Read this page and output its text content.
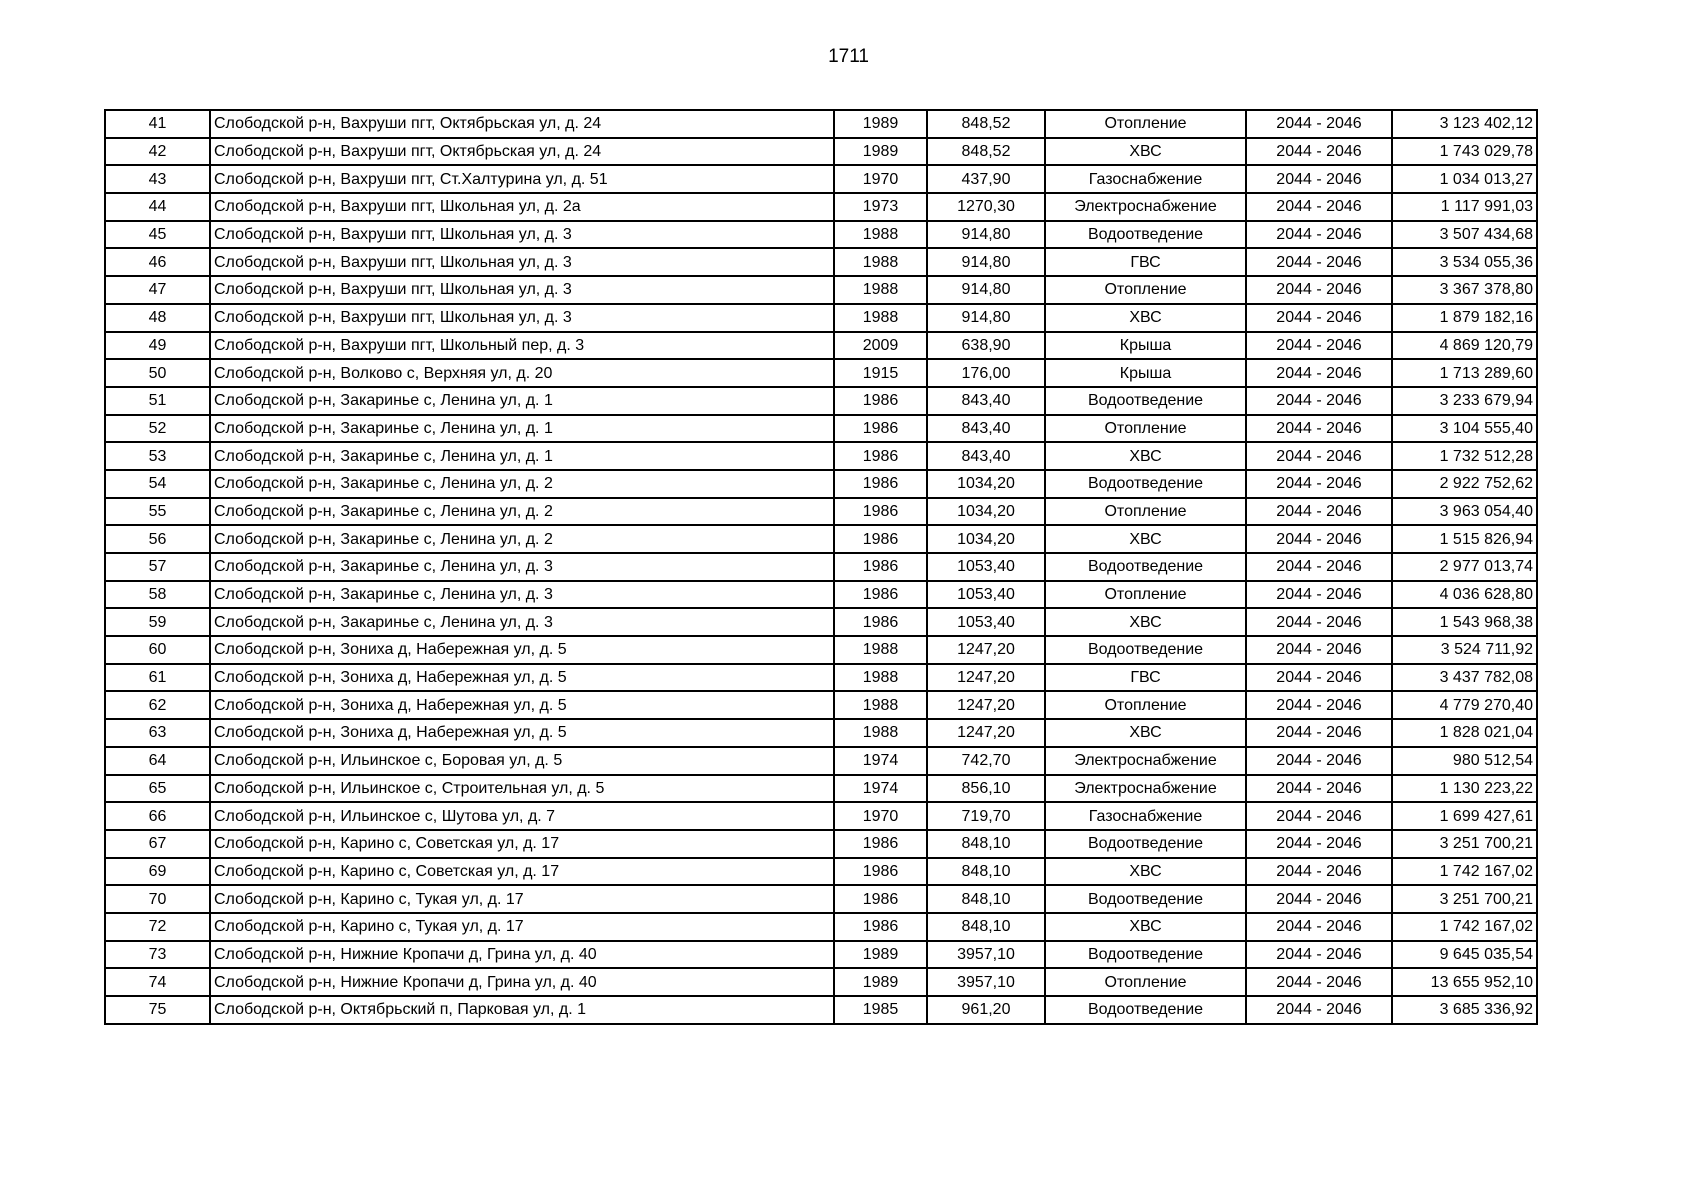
1711
41	Слободской р-н, Вахруши пгт, Октябрьская ул, д. 24	1989	848,52	Отопление	2044 - 2046	3 123 402,12
42	Слободской р-н, Вахруши пгт, Октябрьская ул, д. 24	1989	848,52	ХВС	2044 - 2046	1 743 029,78
43	Слободской р-н, Вахруши пгт, Ст.Халтурина ул, д. 51	1970	437,90	Газоснабжение	2044 - 2046	1 034 013,27
44	Слободской р-н, Вахруши пгт, Школьная ул, д. 2а	1973	1270,30	Электроснабжение	2044 - 2046	1 117 991,03
45	Слободской р-н, Вахруши пгт, Школьная ул, д. 3	1988	914,80	Водоотведение	2044 - 2046	3 507 434,68
46	Слободской р-н, Вахруши пгт, Школьная ул, д. 3	1988	914,80	ГВС	2044 - 2046	3 534 055,36
47	Слободской р-н, Вахруши пгт, Школьная ул, д. 3	1988	914,80	Отопление	2044 - 2046	3 367 378,80
48	Слободской р-н, Вахруши пгт, Школьная ул, д. 3	1988	914,80	ХВС	2044 - 2046	1 879 182,16
49	Слободской р-н, Вахруши пгт, Школьный пер, д. 3	2009	638,90	Крыша	2044 - 2046	4 869 120,79
50	Слободской р-н, Волково с, Верхняя ул, д. 20	1915	176,00	Крыша	2044 - 2046	1 713 289,60
51	Слободской р-н, Закаринье с, Ленина ул, д. 1	1986	843,40	Водоотведение	2044 - 2046	3 233 679,94
52	Слободской р-н, Закаринье с, Ленина ул, д. 1	1986	843,40	Отопление	2044 - 2046	3 104 555,40
53	Слободской р-н, Закаринье с, Ленина ул, д. 1	1986	843,40	ХВС	2044 - 2046	1 732 512,28
54	Слободской р-н, Закаринье с, Ленина ул, д. 2	1986	1034,20	Водоотведение	2044 - 2046	2 922 752,62
55	Слободской р-н, Закаринье с, Ленина ул, д. 2	1986	1034,20	Отопление	2044 - 2046	3 963 054,40
56	Слободской р-н, Закаринье с, Ленина ул, д. 2	1986	1034,20	ХВС	2044 - 2046	1 515 826,94
57	Слободской р-н, Закаринье с, Ленина ул, д. 3	1986	1053,40	Водоотведение	2044 - 2046	2 977 013,74
58	Слободской р-н, Закаринье с, Ленина ул, д. 3	1986	1053,40	Отопление	2044 - 2046	4 036 628,80
59	Слободской р-н, Закаринье с, Ленина ул, д. 3	1986	1053,40	ХВС	2044 - 2046	1 543 968,38
60	Слободской р-н, Зониха д, Набережная ул, д. 5	1988	1247,20	Водоотведение	2044 - 2046	3 524 711,92
61	Слободской р-н, Зониха д, Набережная ул, д. 5	1988	1247,20	ГВС	2044 - 2046	3 437 782,08
62	Слободской р-н, Зониха д, Набережная ул, д. 5	1988	1247,20	Отопление	2044 - 2046	4 779 270,40
63	Слободской р-н, Зониха д, Набережная ул, д. 5	1988	1247,20	ХВС	2044 - 2046	1 828 021,04
64	Слободской р-н, Ильинское с, Боровая ул, д. 5	1974	742,70	Электроснабжение	2044 - 2046	980 512,54
65	Слободской р-н, Ильинское с, Строительная ул, д. 5	1974	856,10	Электроснабжение	2044 - 2046	1 130 223,22
66	Слободской р-н, Ильинское с, Шутова ул, д. 7	1970	719,70	Газоснабжение	2044 - 2046	1 699 427,61
67	Слободской р-н, Карино с, Советская ул, д. 17	1986	848,10	Водоотведение	2044 - 2046	3 251 700,21
69	Слободской р-н, Карино с, Советская ул, д. 17	1986	848,10	ХВС	2044 - 2046	1 742 167,02
70	Слободской р-н, Карино с, Тукая ул, д. 17	1986	848,10	Водоотведение	2044 - 2046	3 251 700,21
72	Слободской р-н, Карино с, Тукая ул, д. 17	1986	848,10	ХВС	2044 - 2046	1 742 167,02
73	Слободской р-н, Нижние Кропачи д, Грина ул, д. 40	1989	3957,10	Водоотведение	2044 - 2046	9 645 035,54
74	Слободской р-н, Нижние Кропачи д, Грина ул, д. 40	1989	3957,10	Отопление	2044 - 2046	13 655 952,10
75	Слободской р-н, Октябрьский п, Парковая ул, д. 1	1985	961,20	Водоотведение	2044 - 2046	3 685 336,92
